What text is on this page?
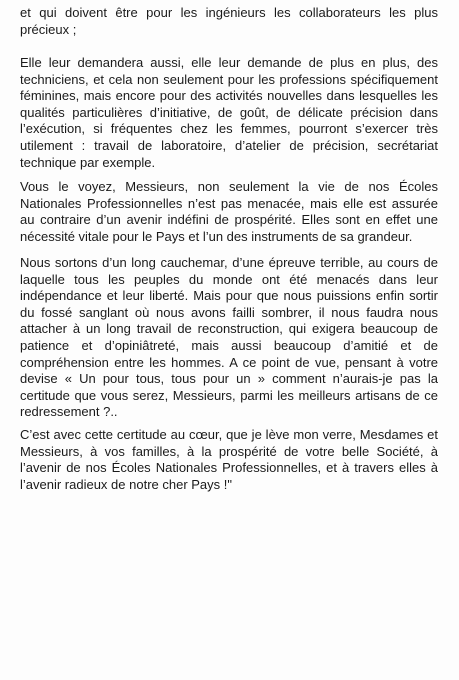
et qui doivent être pour les ingénieurs les collaborateurs les plus précieux ;

Elle leur demandera aussi, elle leur demande de plus en plus, des techniciens, et cela non seulement pour les professions spécifiquement féminines, mais encore pour des activités nouvelles dans lesquelles les qualités particulières d’initiative, de goût, de délicate précision dans l’exécution, si fréquentes chez les femmes, pourront s’exercer très utilement : travail de laboratoire, d’atelier de précision, secrétariat technique par exemple.

Vous le voyez, Messieurs, non seulement la vie de nos Écoles Nationales Professionnelles n’est pas menacée, mais elle est assurée au contraire d’un avenir indéfini de prospérité. Elles sont en effet une nécessité vitale pour le Pays et l’un des instruments de sa grandeur.

Nous sortons d’un long cauchemar, d’une épreuve terrible, au cours de laquelle tous les peuples du monde ont été menacés dans leur indépendance et leur liberté. Mais pour que nous puissions enfin sortir du fossé sanglant où nous avons failli sombrer, il nous faudra nous attacher à un long travail de reconstruction, qui exigera beaucoup de patience et d’opiniâtreté, mais aussi beaucoup d’amitié et de compréhension entre les hommes. A ce point de vue, pensant à votre devise « Un pour tous, tous pour un » comment n’aurais-je pas la certitude que vous serez, Messieurs, parmi les meilleurs artisans de ce redressement ?..

C’est avec cette certitude au cœur, que je lève mon verre, Mesdames et Messieurs, à vos familles, à la prospérité de votre belle Société, à l’avenir de nos Écoles Nationales Professionnelles, et à travers elles à l’avenir radieux de notre cher Pays !"
